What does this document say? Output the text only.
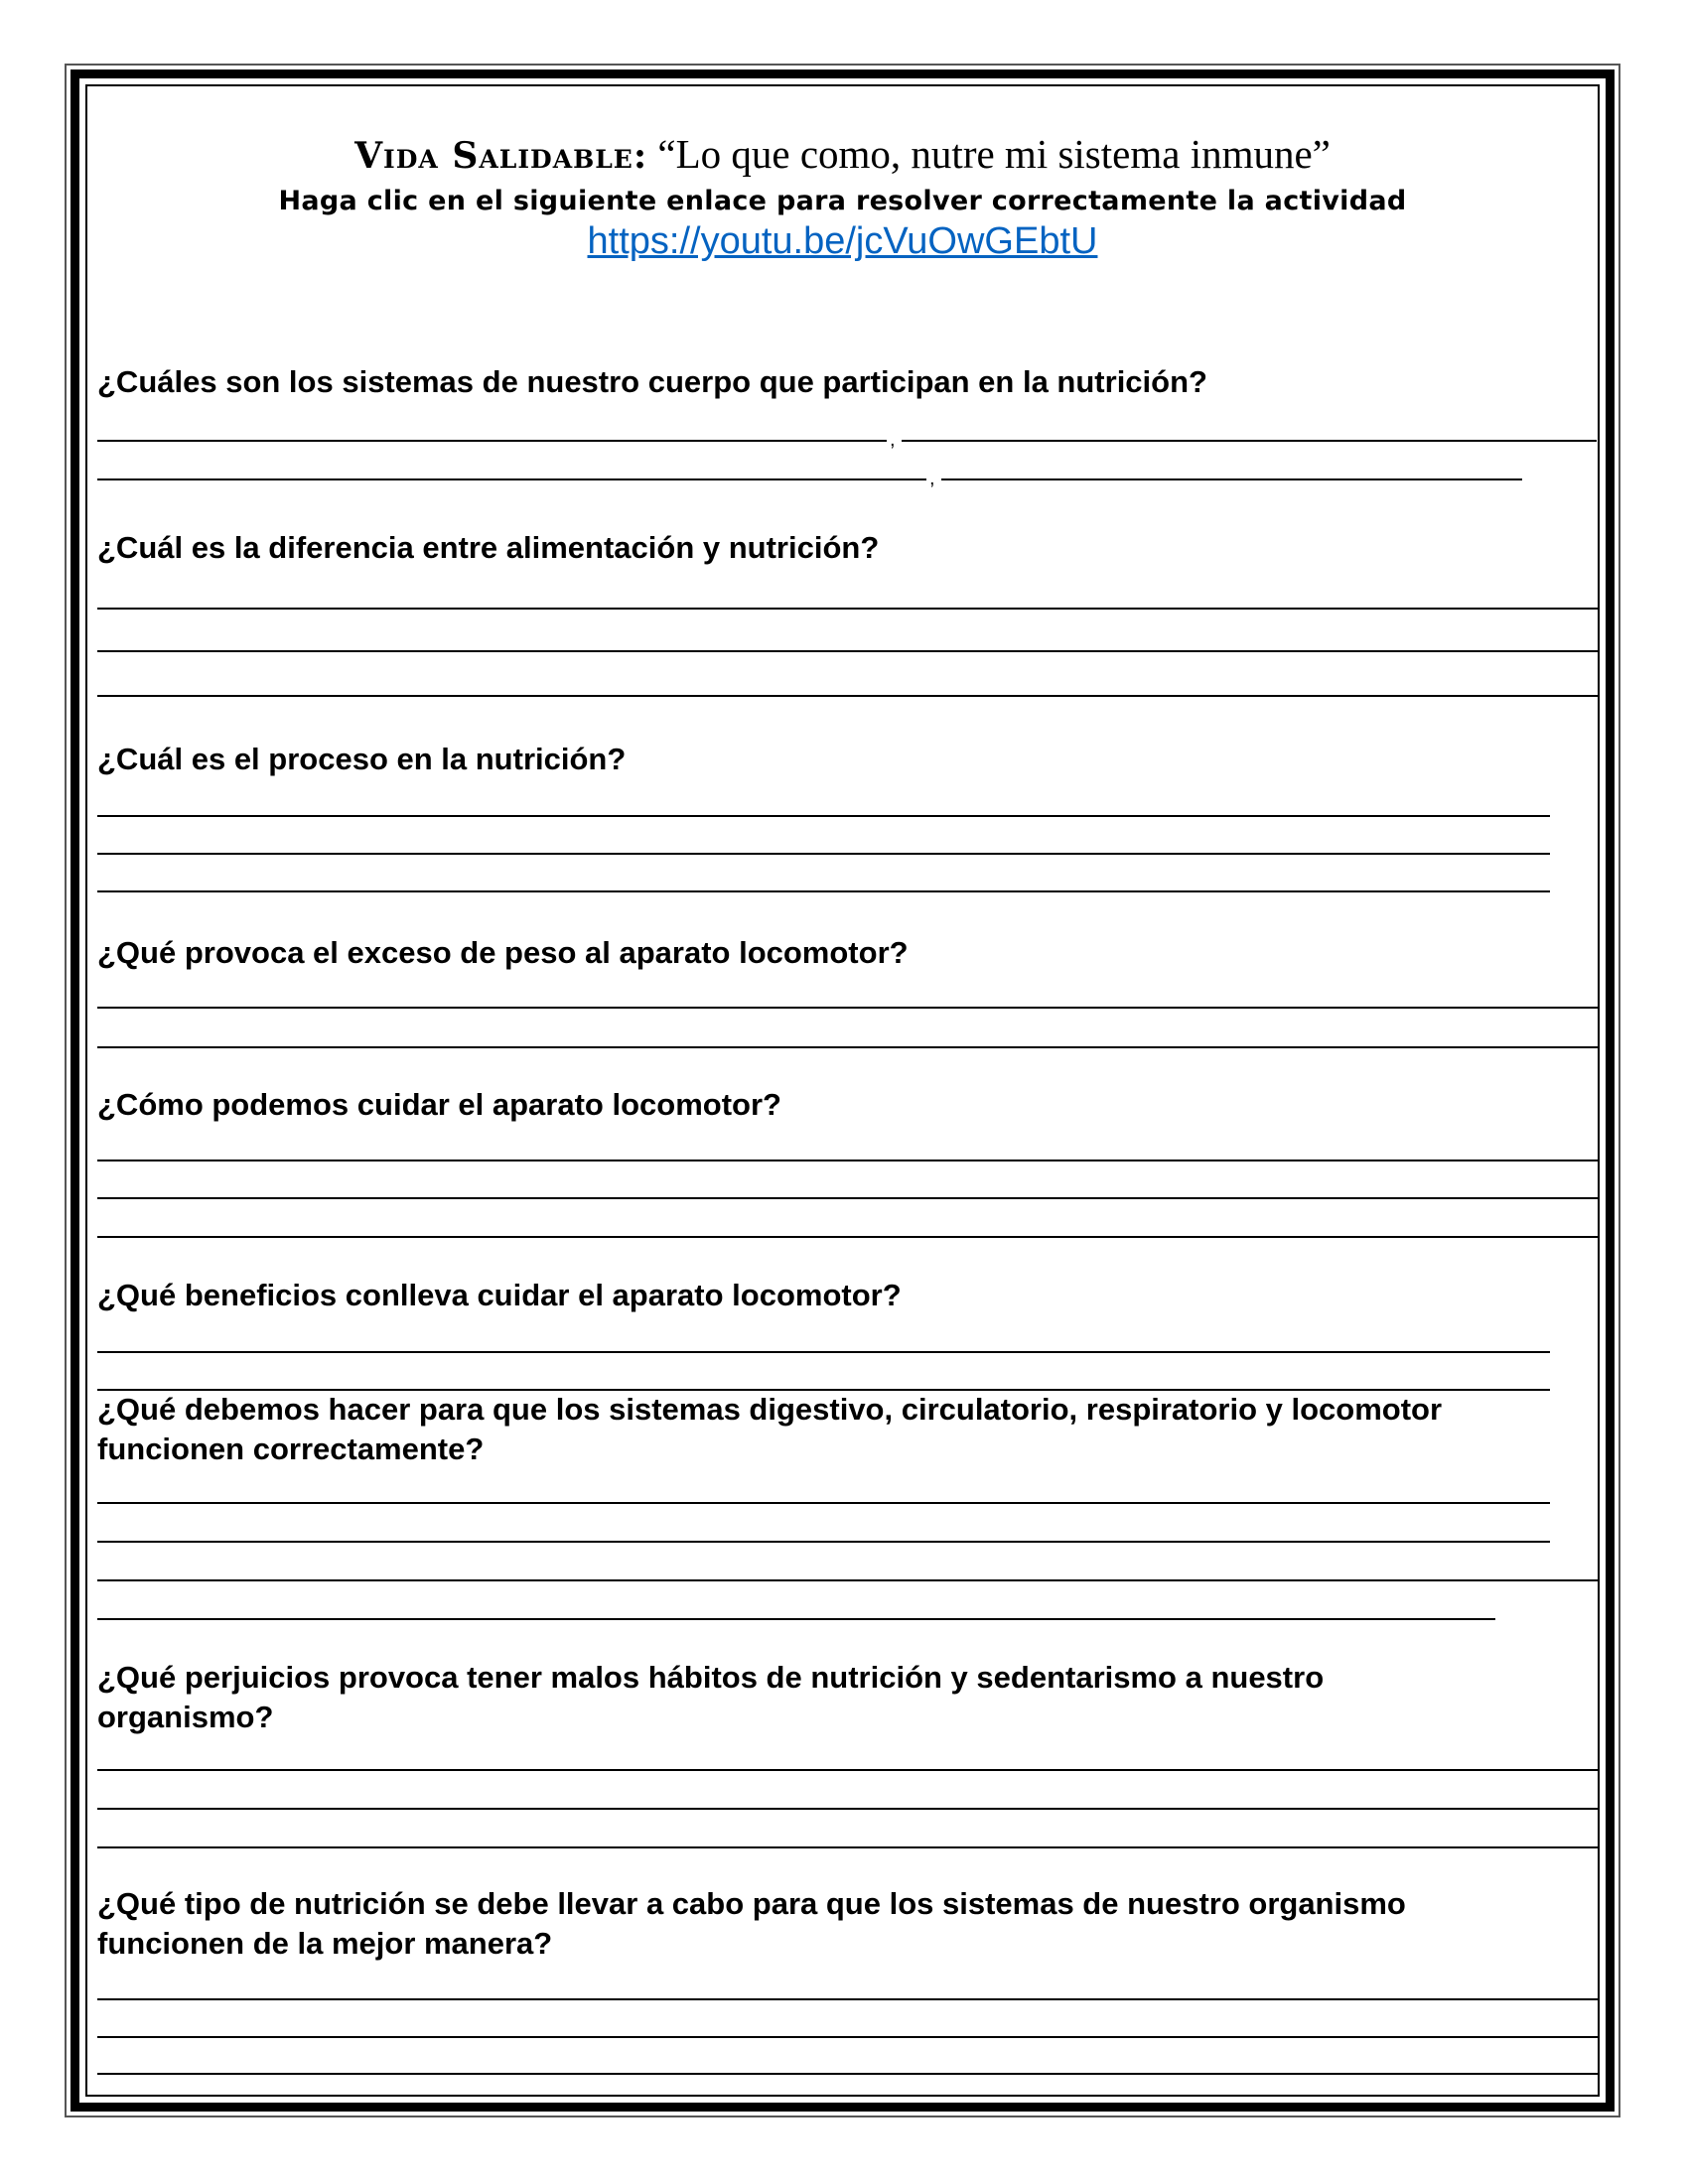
Vida Salidable: “Lo que como, nutre mi sistema inmune”
Haga clic en el siguiente enlace para resolver correctamente la actividad
https://youtu.be/jcVuOwGEbtU

¿Cuáles son los sistemas de nuestro cuerpo que participan en la nutrición?

,
,

¿Cuál es la diferencia entre alimentación y nutrición?

¿Cuál es el proceso en la nutrición?

¿Qué provoca el exceso de peso al aparato locomotor?

¿Cómo podemos cuidar el aparato locomotor?

¿Qué beneficios conlleva cuidar el aparato locomotor?

¿Qué debemos hacer para que los sistemas digestivo, circulatorio, respiratorio y locomotor
funcionen correctamente?

¿Qué perjuicios provoca tener malos hábitos de nutrición y sedentarismo a nuestro
organismo?

¿Qué tipo de nutrición se debe llevar a cabo para que los sistemas de nuestro organismo
funcionen de la mejor manera?
